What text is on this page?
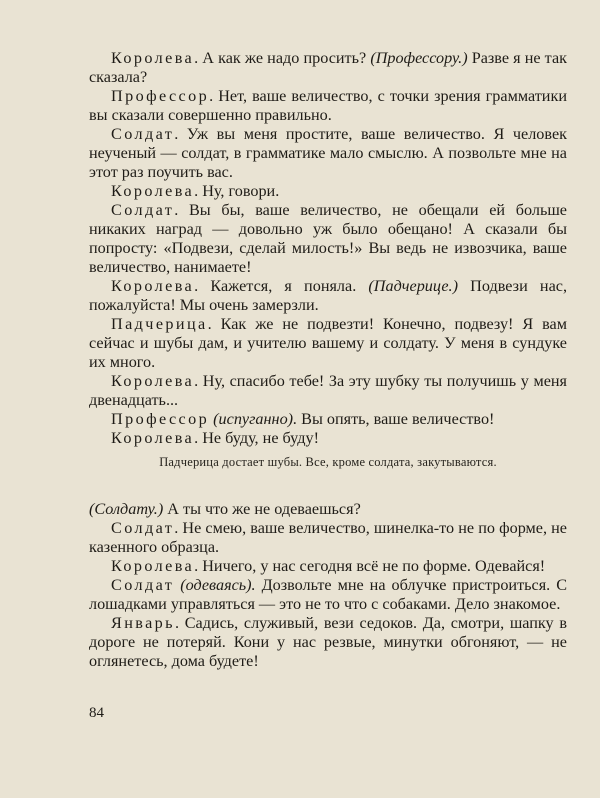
Королева. А как же надо просить? (Профессору.) Разве я не так сказала?

Профессор. Нет, ваше величество, с точки зрения грамматики вы сказали совершенно правильно.

Солдат. Уж вы меня простите, ваше величество. Я человек неученый — солдат, в грамматике мало смыслю. А позвольте мне на этот раз поучить вас.

Королева. Ну, говори.

Солдат. Вы бы, ваше величество, не обещали ей больше никаких наград — довольно уж было обещано! А сказали бы попросту: «Подвези, сделай милость!» Вы ведь не извозчика, ваше величество, нанимаете!

Королева. Кажется, я поняла. (Падчерице.) Подвези нас, пожалуйста! Мы очень замерзли.

Падчерица. Как же не подвезти! Конечно, подвезу! Я вам сейчас и шубы дам, и учителю вашему и солдату. У меня в сундуке их много.

Королева. Ну, спасибо тебе! За эту шубку ты получишь у меня двенадцать...

Профессор (испуганно). Вы опять, ваше величество!

Королева. Не буду, не буду!

Падчерица достает шубы. Все, кроме солдата, закутываются.

(Солдату.) А ты что же не одеваешься?

Солдат. Не смею, ваше величество, шинелка-то не по форме, не казенного образца.

Королева. Ничего, у нас сегодня всё не по форме. Одевайся!

Солдат (одеваясь). Дозвольте мне на облучке пристроиться. С лошадками управляться — это не то что с собаками. Дело знакомое.

Январь. Садись, служивый, вези седоков. Да, смотри, шапку в дороге не потеряй. Кони у нас резвые, минутки обгоняют, — не оглянетесь, дома будете!

84
